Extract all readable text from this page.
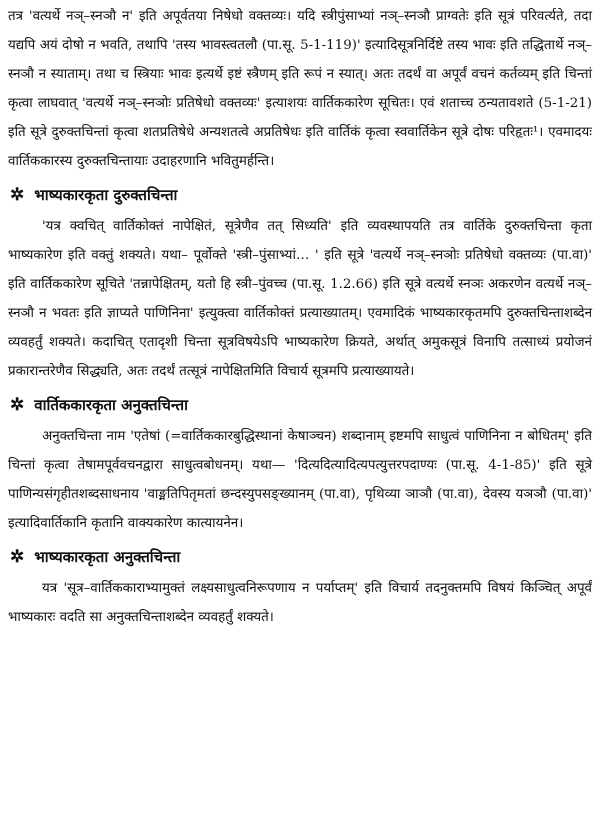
तत्र 'वत्यर्थे नञ्–स्नञौ न' इति अपूर्वतया निषेधो वक्तव्यः। यदि स्त्रीपुंसाभ्यां नञ्–स्नञौ प्राग्वतेः इति सूत्रं परिवर्त्यते, तदा यद्यपि अयं दोषो न भवति, तथापि 'तस्य भावस्त्वतलौ (पा.सू. 5-1-119)' इत्यादिसूत्रनिर्दिष्टे तस्य भावः इति तद्धितार्थे नञ्–स्नञौ न स्याताम्। तथा च स्त्रियाः भावः इत्यर्थे इष्टं स्त्रैणम् इति रूपं न स्यात्। अतः तदर्थं वा अपूर्वं वचनं कर्तव्यम् इति चिन्तां कृत्वा लाघवात् 'वत्यर्थे नञ्–स्नञोः प्रतिषेधो वक्तव्यः' इत्याशयः वार्तिककारेण सूचितः। एवं शताच्च ठन्यतावशते (5-1-21) इति सूत्रे दुरुक्तचिन्तां कृत्वा शतप्रतिषेधे अन्यशतत्वे अप्रतिषेधः इति वार्तिकं कृत्वा स्ववार्तिकेन सूत्रे दोषः परिहृतः¹। एवमादयः वार्तिककारस्य दुरुक्तचिन्तायाः उदाहरणानि भवितुमर्हन्ति।

✲ भाष्यकारकृता दुरुक्तचिन्ता

'यत्र क्वचित् वार्तिकोक्तं नापेक्षितं, सूत्रेणैव तत् सिध्यति' इति व्यवस्थापयति तत्र वार्तिके दुरुक्तचिन्ता कृता भाष्यकारेण इति वक्तुं शक्यते। यथा– पूर्वोक्ते 'स्त्री–पुंसाभ्यां… ' इति सूत्रे 'वत्यर्थे नञ्–स्नञोः प्रतिषेधो वक्तव्यः (पा.वा)' इति वार्तिककारेण सूचिते 'तन्नापेक्षितम्, यतो हि स्त्री–पुंवच्च (पा.सू. 1.2.66) इति सूत्रे वत्यर्थे स्नञः अकरणेन वत्यर्थे नञ्–स्नञौ न भवतः इति ज्ञाप्यते पाणिनिना' इत्युक्त्वा वार्तिकोक्तं प्रत्याख्यातम्। एवमादिकं भाष्यकारकृतमपि दुरुक्तचिन्ताशब्देन व्यवहर्तुं शक्यते। कदाचित् एतादृशी चिन्ता सूत्रविषयेऽपि भाष्यकारेण क्रियते, अर्थात् अमुकसूत्रं विनापि तत्साध्यं प्रयोजनं प्रकारान्तरेणैव सिद्ध्यति, अतः तदर्थं तत्सूत्रं नापेक्षितमिति विचार्य सूत्रमपि प्रत्याख्यायते।

✲ वार्तिककारकृता अनुक्तचिन्ता

अनुक्तचिन्ता नाम 'एतेषां (=वार्तिककारबुद्धिस्थानां केषाञ्चन) शब्दानाम् इष्टमपि साधुत्वं पाणिनिना न बोधितम्' इति चिन्तां कृत्वा तेषामपूर्ववचनद्वारा साधुत्वबोधनम्। यथा— 'दित्यदित्यादित्यपत्युत्तरपदाण्यः (पा.सू. 4-1-85)' इति सूत्रे पाणिन्यसंगृहीतशब्दसाधनाय 'वाङ्मतिपितृमतां छन्दस्युपसङ्ख्यानम् (पा.वा), पृथिव्या ञाञौ (पा.वा), देवस्य यञञौ (पा.वा)' इत्यादिवार्तिकानि कृतानि वाक्यकारेण कात्यायनेन।

✲ भाष्यकारकृता अनुक्तचिन्ता

यत्र 'सूत्र–वार्तिककाराभ्यामुक्तं लक्ष्यसाधुत्वनिरूपणाय न पर्याप्तम्' इति विचार्य तदनुक्तमपि विषयं किञ्चित् अपूर्वं भाष्यकारः वदति सा अनुक्तचिन्ताशब्देन व्यवहर्तुं शक्यते।
